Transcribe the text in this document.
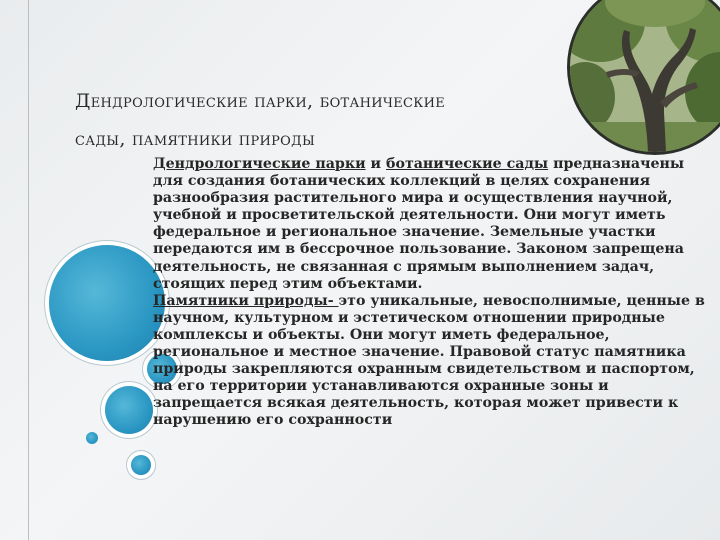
Дендрологические парки, ботанические
сады, памятники природы

Дендрологические парки и ботанические сады предназначены для создания ботанических коллекций в целях сохранения разнообразия растительного мира и осуществления научной, учебной и просветительской деятельности. Они могут иметь федеральное и региональное значение. Земельные участки передаются им в бессрочное пользование. Законом запрещена деятельность, не связанная с прямым выполнением задач, стоящих перед этим объектами.

Памятники природы- это уникальные, невосполнимые, ценные в научном, культурном и эстетическом отношении природные комплексы и объекты. Они могут иметь федеральное, региональное и местное значение. Правовой статус памятника природы закрепляются охранным свидетельством и паспортом, на его территории устанавливаются охранные зоны и запрещается всякая деятельность, которая может привести к нарушению его сохранности
